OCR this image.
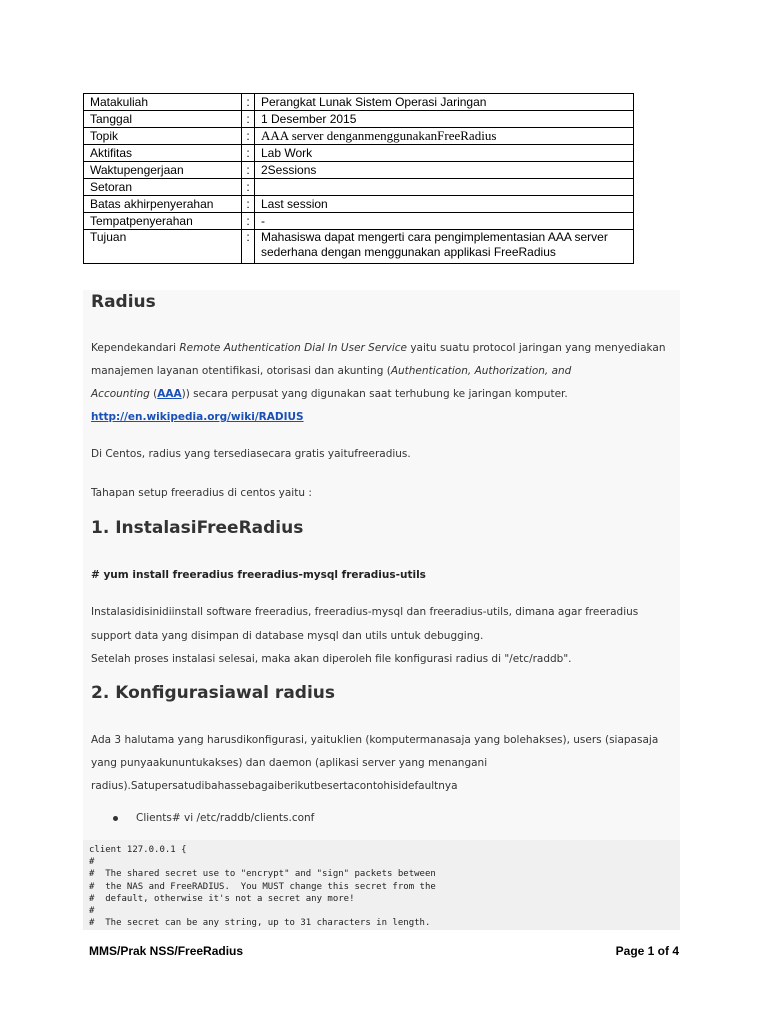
Matakuliah	:	Perangkat Lunak Sistem Operasi Jaringan
Tanggal	:	1 Desember 2015
Topik	:	AAA server denganmenggunakanFreeRadius
Aktifitas	:	Lab Work
Waktupengerjaan	:	2Sessions
Setoran	:	
Batas akhirpenyerahan	:	Last session
Tempatpenyerahan	:	-
Tujuan	:	Mahasiswa dapat mengerti cara pengimplementasian AAA server sederhana dengan menggunakan applikasi FreeRadius
Radius
Kependekandari Remote Authentication Dial In User Service yaitu suatu protocol jaringan yang menyediakan
manajemen layanan otentifikasi, otorisasi dan akunting (Authentication, Authorization, and
Accounting (AAA)) secara perpusat yang digunakan saat terhubung ke jaringan komputer.
http://en.wikipedia.org/wiki/RADIUS
Di Centos, radius yang tersediasecara gratis yaitufreeradius.
Tahapan setup freeradius di centos yaitu :
1. InstalasiFreeRadius
# yum install freeradius freeradius-mysql freradius-utils
Instalasidisinidiinstall software freeradius, freeradius-mysql dan freeradius-utils, dimana agar freeradius
support data yang disimpan di database mysql dan utils untuk debugging.
Setelah proses instalasi selesai, maka akan diperoleh file konfigurasi radius di "/etc/raddb".
2. Konfigurasiawal radius
Ada 3 halutama yang harusdikonfigurasi, yaituklien (komputermanasaja yang bolehakses), users (siapasaja
yang punyaakununtukakses) dan daemon (aplikasi server yang menangani
radius).Satupersatudibahassebagaiberikutbesertacontohisidefaultnya
Clients# vi /etc/raddb/clients.conf
client 127.0.0.1 {
#
#  The shared secret use to "encrypt" and "sign" packets between
#  the NAS and FreeRADIUS.  You MUST change this secret from the
#  default, otherwise it's not a secret any more!
#
#  The secret can be any string, up to 31 characters in length.
MMS/Prak NSS/FreeRadius	Page 1 of 4
